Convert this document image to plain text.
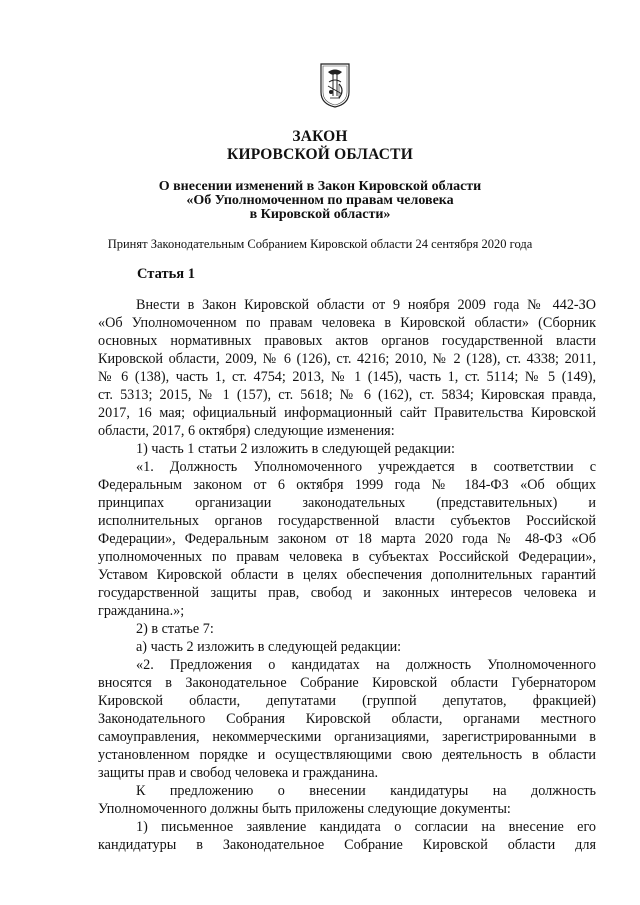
ЗАКОН
КИРОВСКОЙ ОБЛАСТИ
О внесении изменений в Закон Кировской области
«Об Уполномоченном по правам человека
в Кировской области»
Принят Законодательным Собранием Кировской области 24 сентября 2020 года
Статья 1
Внести в Закон Кировской области от 9 ноября 2009 года № 442-ЗО
«Об Уполномоченном по правам человека в Кировской области» (Сборник
основных нормативных правовых актов органов государственной власти
Кировской области, 2009, № 6 (126), ст. 4216; 2010, № 2 (128), ст. 4338; 2011,
№ 6 (138), часть 1, ст. 4754; 2013, № 1 (145), часть 1, ст. 5114; № 5 (149),
ст. 5313; 2015, № 1 (157), ст. 5618; № 6 (162), ст. 5834; Кировская правда,
2017, 16 мая; официальный информационный сайт Правительства Кировской
области, 2017, 6 октября) следующие изменения:
1) часть 1 статьи 2 изложить в следующей редакции:
«1. Должность Уполномоченного учреждается в соответствии с
Федеральным законом от 6 октября 1999 года № 184-ФЗ «Об общих
принципах организации законодательных (представительных) и
исполнительных органов государственной власти субъектов Российской
Федерации», Федеральным законом от 18 марта 2020 года № 48-ФЗ «Об
уполномоченных по правам человека в субъектах Российской Федерации»,
Уставом Кировской области в целях обеспечения дополнительных гарантий
государственной защиты прав, свобод и законных интересов человека и
гражданина.»;
2) в статье 7:
а) часть 2 изложить в следующей редакции:
«2. Предложения о кандидатах на должность Уполномоченного
вносятся в Законодательное Собрание Кировской области Губернатором
Кировской области, депутатами (группой депутатов, фракцией)
Законодательного Собрания Кировской области, органами местного
самоуправления, некоммерческими организациями, зарегистрированными в
установленном порядке и осуществляющими свою деятельность в области
защиты прав и свобод человека и гражданина.
К предложению о внесении кандидатуры на должность
Уполномоченного должны быть приложены следующие документы:
1) письменное заявление кандидата о согласии на внесение его
кандидатуры в Законодательное Собрание Кировской области для
